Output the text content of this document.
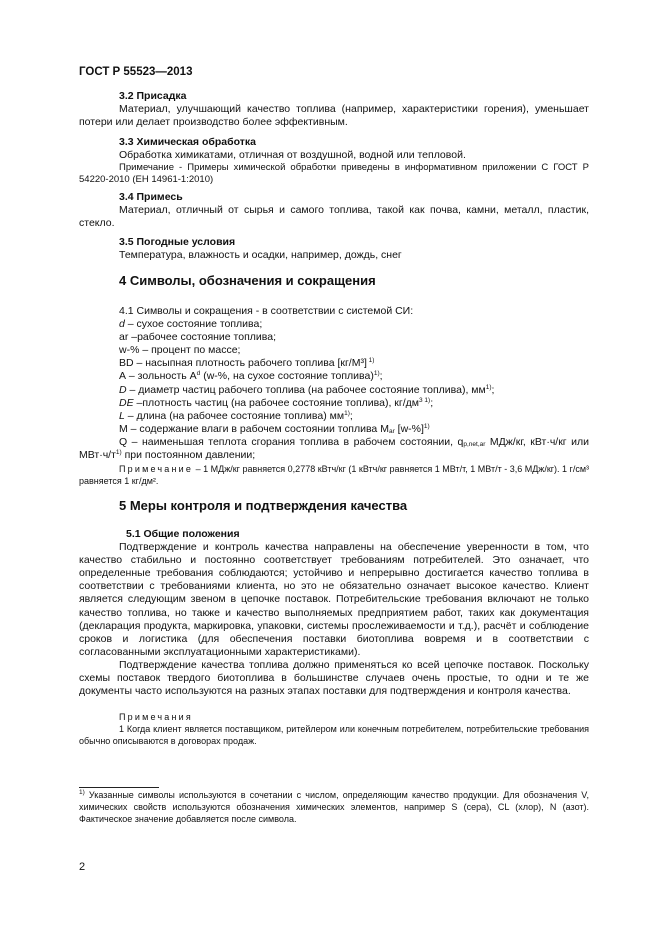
ГОСТ Р 55523—2013

3.2 Присадка

Материал, улучшающий качество топлива (например, характеристики горения), уменьшает потери или делает производство более эффективным.

3.3 Химическая обработка

Обработка химикатами, отличная от воздушной, водной или тепловой.

Примечание - Примеры химической обработки приведены в информативном приложении С ГОСТ Р 54220-2010 (ЕН 14961-1:2010)

3.4 Примесь

Материал, отличный от сырья и самого топлива, такой как почва, камни, металл, пластик, стекло.

3.5 Погодные условия

Температура, влажность и осадки, например, дождь, снег

4 Символы, обозначения и сокращения

4.1 Символы и сокращения - в соответствии с системой СИ:

d – сухое состояние топлива;

ar –рабочее состояние топлива;

w-% – процент по массе;

BD – насыпная плотность рабочего топлива [кг/М³] $^{1)}$

А – зольность $А^d$ (w-%, на сухое состояние топлива)$^{1)}$;

D – диаметр частиц рабочего топлива (на рабочее состояние топлива), $мм^{1)}$;

DE –плотность частиц (на рабочее состояние топлива), $кг/дм^{3 1)}$;

L – длина (на рабочее состояние топлива) $мм^{1)}$;

М – содержание влаги в рабочем состоянии топлива $М_{ar}$ $[w-\%]^{1)}$

Q – наименьшая теплота сгорания топлива в рабочем состоянии, $q_{p,net,ar}$ МДж/кг, кВт·ч/кг или $МВт\cdot ч/т^{1)}$ при постоянном давлении;

Примечание – 1 МДж/кг равняется 0,2778 кВтч/кг (1 кВтч/кг равняется 1 МВт/т, 1 МВт/т - 3,6 МДж/кг). 1 г/см³ равняется 1 кг/дм².

5 Меры контроля и подтверждения качества

5.1 Общие положения

Подтверждение и контроль качества направлены на обеспечение уверенности в том, что качество стабильно и постоянно соответствует требованиям потребителей. Это означает, что определенные требования соблюдаются; устойчиво и непрерывно достигается качество топлива в соответствии с требованиями клиента, но это не обязательно означает высокое качество. Клиент является следующим звеном в цепочке поставок. Потребительские требования включают не только качество топлива, но также и качество выполняемых предприятием работ, таких как документация (декларация продукта, маркировка, упаковки, системы прослеживаемости и т.д.), расчёт и соблюдение сроков и логистика (для обеспечения поставки биотоплива вовремя и в соответствии с согласованными эксплуатационными характеристиками).

Подтверждение качества топлива должно применяться ко всей цепочке поставок. Поскольку схемы поставок твердого биотоплива в большинстве случаев очень простые, то одни и те же документы часто используются на разных этапах поставки для подтверждения и контроля качества.

Примечания

1 Когда клиент является поставщиком, ритейлером или конечным потребителем, потребительские требования обычно описываются в договорах продаж.

$^{1)}$ Указанные символы используются в сочетании с числом, определяющим качество продукции. Для обозначения V, химических свойств используются обозначения химических элементов, например S (сера), CL (хлор), N (азот). Фактическое значение добавляется после символа.

2
